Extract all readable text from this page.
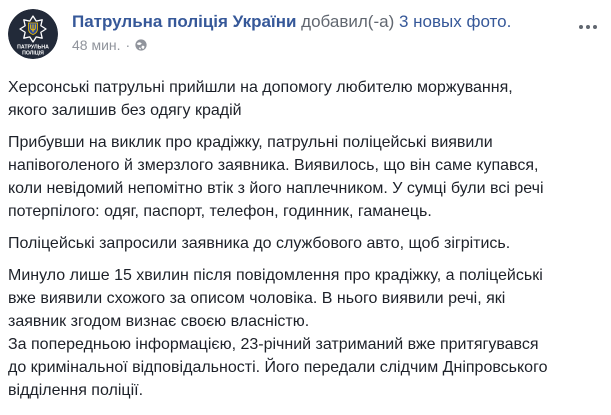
ПАТРУЛЬНА
ПОЛІЦІЯ
Патрульна поліція України добавил(-а) 3 новых фото.
48 мин. ·

Херсонські патрульні прийшли на допомогу любителю моржування,
якого залишив без одягу крадій

Прибувши на виклик про крадіжку, патрульні поліцейські виявили
напівоголеного й змерзлого заявника. Виявилось, що він саме купався,
коли невідомий непомітно втік з його наплечником. У сумці були всі речі
потерпілого: одяг, паспорт, телефон, годинник, гаманець.

Поліцейські запросили заявника до службового авто, щоб зігрітись.

Минуло лише 15 хвилин після повідомлення про крадіжку, а поліцейські
вже виявили схожого за описом чоловіка. В нього виявили речі, які
заявник згодом визнає своєю власністю.
За попередньою інформацією, 23-річний затриманий вже притягувався
до кримінальної відповідальності. Його передали слідчим Дніпровського
відділення поліції.
